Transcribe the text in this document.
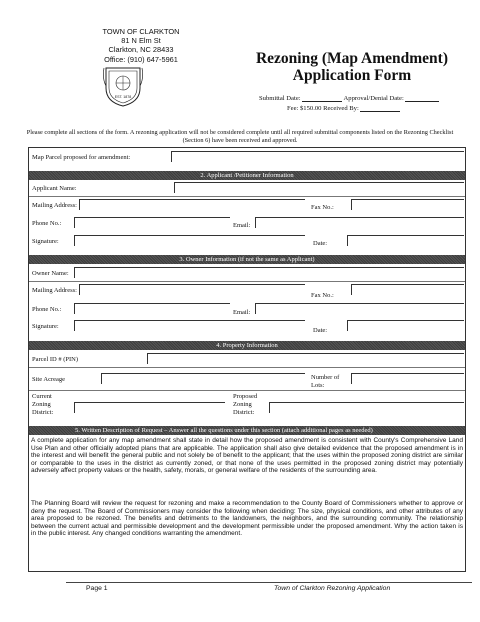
TOWN OF CLARKTON
81 N Elm St
Clarkton, NC 28433
Office: (910) 647-5961
EST. 1878
Rezoning (Map Amendment)
Application Form
Submittal Date:	Approval/Denial Date:
Fee: $150.00 Received By:
Please complete all sections of the form. A rezoning application will not be considered complete until all required submittal components listed on the Rezoning Checklist (Section 6) have been received and approved.
Map Parcel proposed for amendment:
2. Applicant /Petitioner Information
Applicant Name:
Mailing Address:	Fax No.:
Phone No.:	Email:
Signature:	Date:
3. Owner Information (if not the same as Applicant)
Owner Name:
Mailing Address:
Fax No.:
Phone No.:	Email:
Signature:
Date:
4. Property Information
Parcel ID # (PIN)
Site Acreage	Number of Lots:
Current Zoning District:
Proposed Zoning District:
5. Written Description of Request – Answer all the questions under this section (attach additional pages as needed)
A complete application for any map amendment shall state in detail how the proposed amendment is consistent with County's Comprehensive Land Use Plan and other officially adopted plans that are applicable. The application shall also give detailed evidence that the proposed amendment is in the interest and will benefit the general public and not solely be of benefit to the applicant; that the uses within the proposed zoning district are similar or comparable to the uses in the district as currently zoned, or that none of the uses permitted in the proposed zoning district may potentially adversely affect property values or the health, safety, morals, or general welfare of the residents of the surrounding area.
The Planning Board will review the request for rezoning and make a recommendation to the County Board of Commissioners whether to approve or deny the request. The Board of Commissioners may consider the following when deciding: The size, physical conditions, and other attributes of any area proposed to be rezoned. The benefits and detriments to the landowners, the neighbors, and the surrounding community. The relationship between the current actual and permissible development and the development permissible under the proposed amendment. Why the action taken is in the public interest. Any changed conditions warranting the amendment.
Page 1	Town of Clarkton Rezoning Application
